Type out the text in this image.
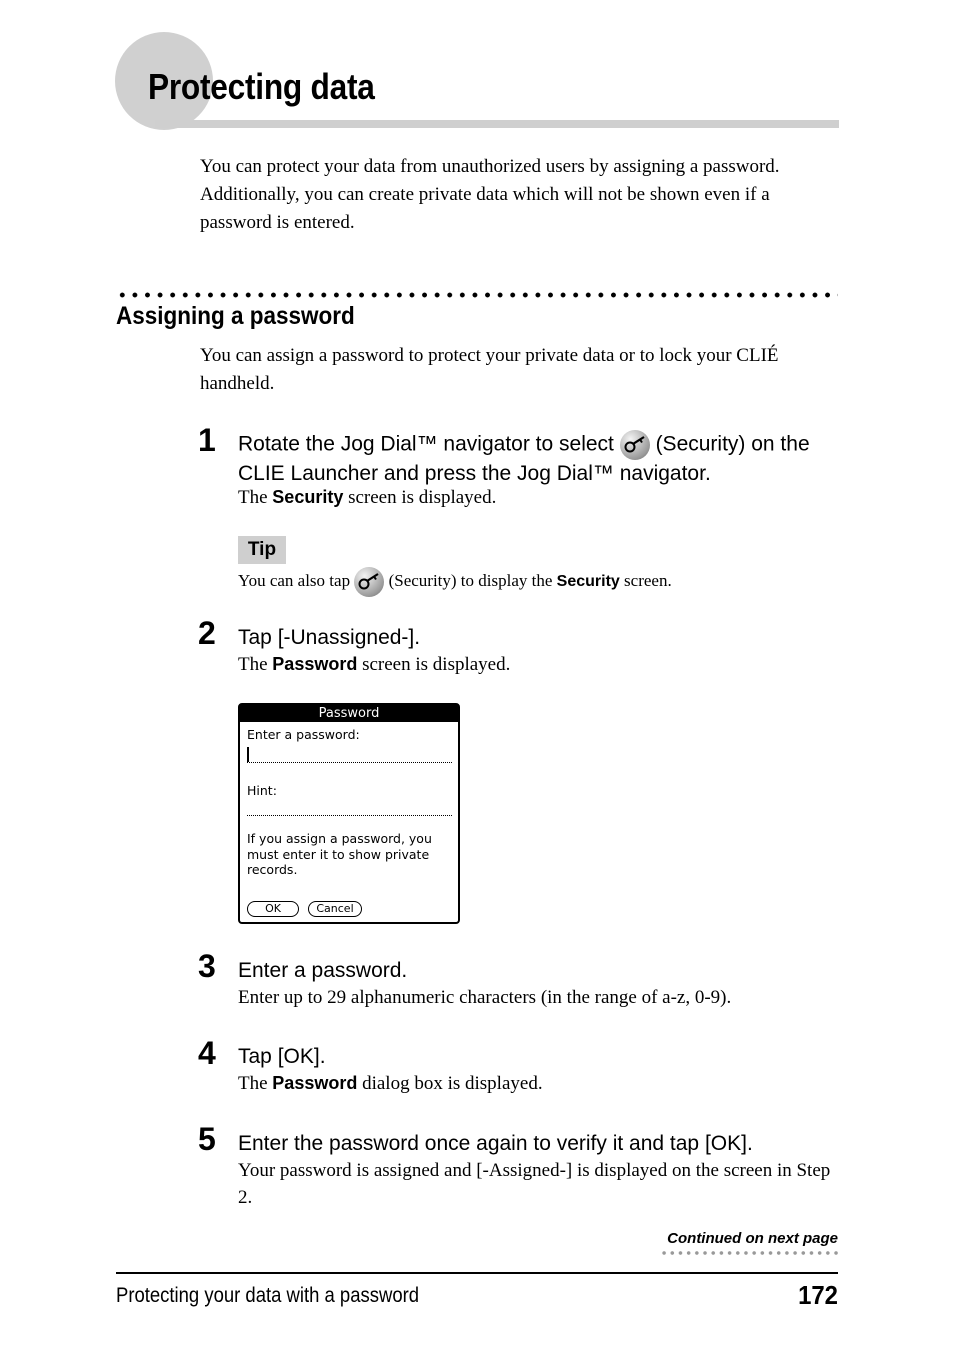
Protecting data
You can protect your data from unauthorized users by assigning a password. Additionally, you can create private data which will not be shown even if a password is entered.
Assigning a password
You can assign a password to protect your private data or to lock your CLIÉ handheld.
1 Rotate the Jog Dial™ navigator to select (Security) on the CLIE Launcher and press the Jog Dial™ navigator.
The Security screen is displayed.
Tip
You can also tap (Security) to display the Security screen.
2 Tap [-Unassigned-].
The Password screen is displayed.
Password
Enter a password:
Hint:
If you assign a password, you must enter it to show private records.
OK	Cancel
3 Enter a password.
Enter up to 29 alphanumeric characters (in the range of a-z, 0-9).
4 Tap [OK].
The Password dialog box is displayed.
5 Enter the password once again to verify it and tap [OK].
Your password is assigned and [-Assigned-] is displayed on the screen in Step 2.
Continued on next page
Protecting your data with a password	172
